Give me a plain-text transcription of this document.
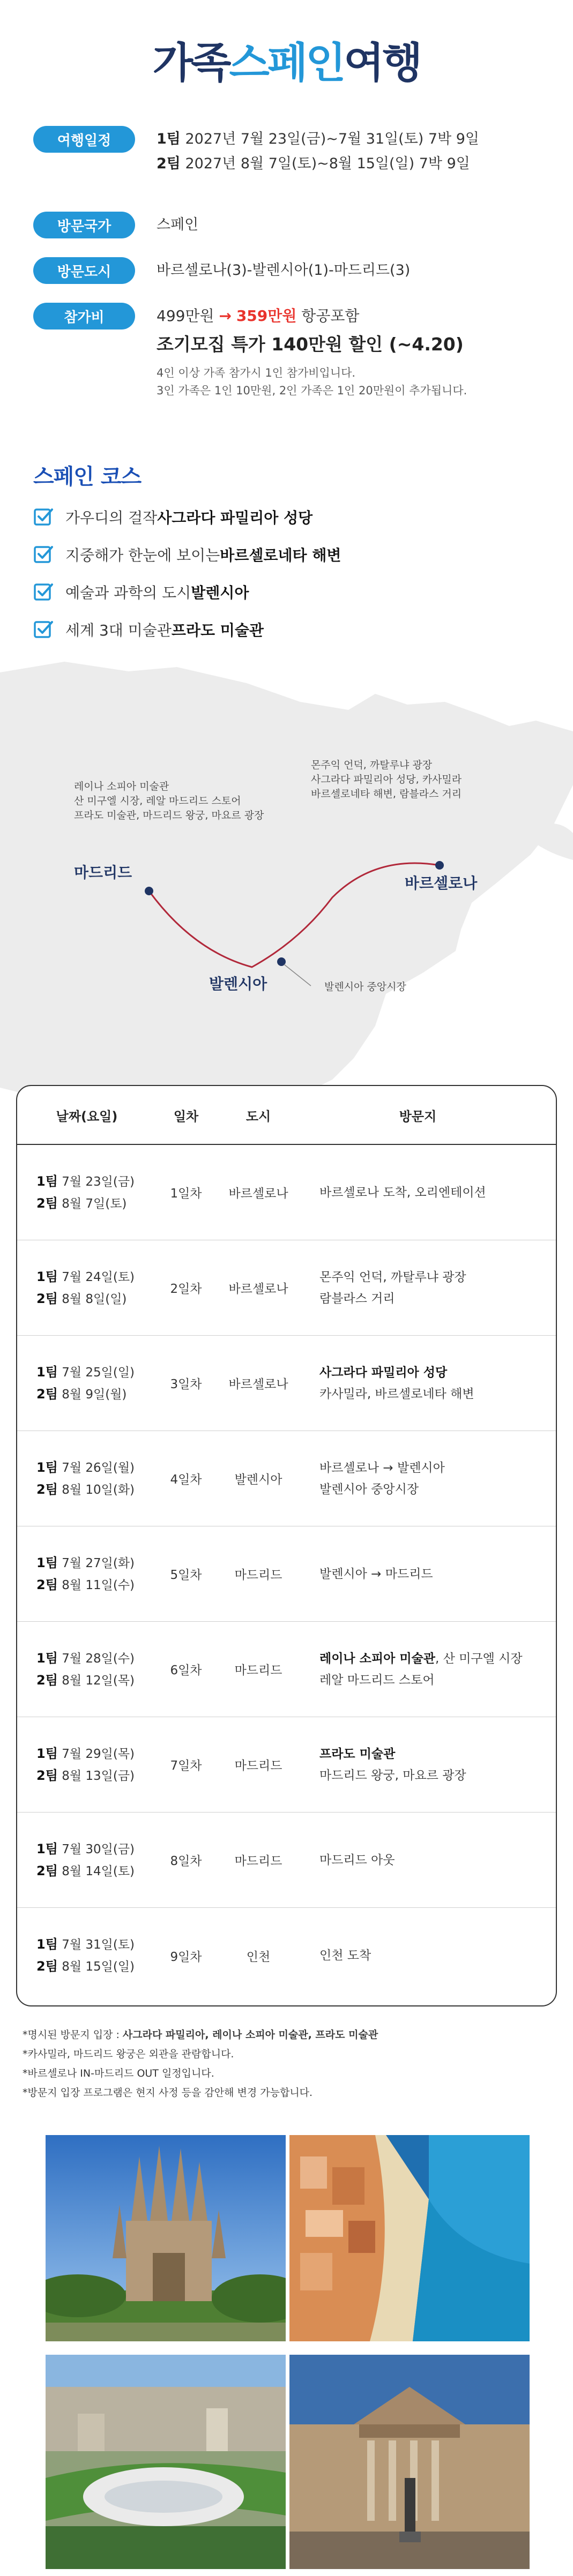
가족스페인여행
여행일정	1팀 2027년 7월 23일(금)~7월 31일(토) 7박 9일
2팀 2027년 8월 7일(토)~8월 15일(일) 7박 9일
방문국가	스페인
방문도시	바르셀로나(3)-발렌시아(1)-마드리드(3)
참가비	499만원 → 359만원 항공포함
조기모집 특가 140만원 할인 (~4.20)
4인 이상 가족 참가시 1인 참가비입니다.
3인 가족은 1인 10만원, 2인 가족은 1인 20만원이 추가됩니다.
스페인 코스
가우디의 걸작 사그라다 파밀리아 성당
지중해가 한눈에 보이는 바르셀로네타 해변
예술과 과학의 도시 발렌시아
세계 3대 미술관 프라도 미술관
레이나 소피아 미술관
산 미구엘 시장, 레알 마드리드 스토어
프라도 미술관, 마드리드 왕궁, 마요르 광장
마드리드
몬주익 언덕, 까탈루냐 광장
사그라다 파밀리아 성당, 카사밀라
바르셀로네타 해변, 람블라스 거리
바르셀로나
발렌시아	발렌시아 중앙시장
날짜(요일)	일차	도시	방문지
1팀 7월 23일(금)
2팀 8월 7일(토)
1일차	바르셀로나	바르셀로나 도착, 오리엔테이션
1팀 7월 24일(토)
2팀 8월 8일(일)
2일차	바르셀로나
몬주익 언덕, 까탈루냐 광장
람블라스 거리
1팀 7월 25일(일)
2팀 8월 9일(월)
3일차	바르셀로나
사그라다 파밀리아 성당
카사밀라, 바르셀로네타 해변
1팀 7월 26일(월)
2팀 8월 10일(화)
4일차	발렌시아
바르셀로나 → 발렌시아
발렌시아 중앙시장
1팀 7월 27일(화)
2팀 8월 11일(수)
5일차	마드리드	발렌시아 → 마드리드
1팀 7월 28일(수)
2팀 8월 12일(목)
6일차	마드리드
레이나 소피아 미술관, 산 미구엘 시장
레알 마드리드 스토어
1팀 7월 29일(목)
2팀 8월 13일(금)
7일차	마드리드
프라도 미술관
마드리드 왕궁, 마요르 광장
1팀 7월 30일(금)
2팀 8월 14일(토)
8일차	마드리드	마드리드 아웃
1팀 7월 31일(토)
2팀 8월 15일(일)
9일차	인천	인천 도착
*명시된 방문지 입장 : 사그라다 파밀리아, 레이나 소피아 미술관, 프라도 미술관
*카사밀라, 마드리드 왕궁은 외관을 관람합니다.
*바르셀로나 IN-마드리드 OUT 일정입니다.
*방문지 입장 프로그램은 현지 사정 등을 감안해 변경 가능합니다.
